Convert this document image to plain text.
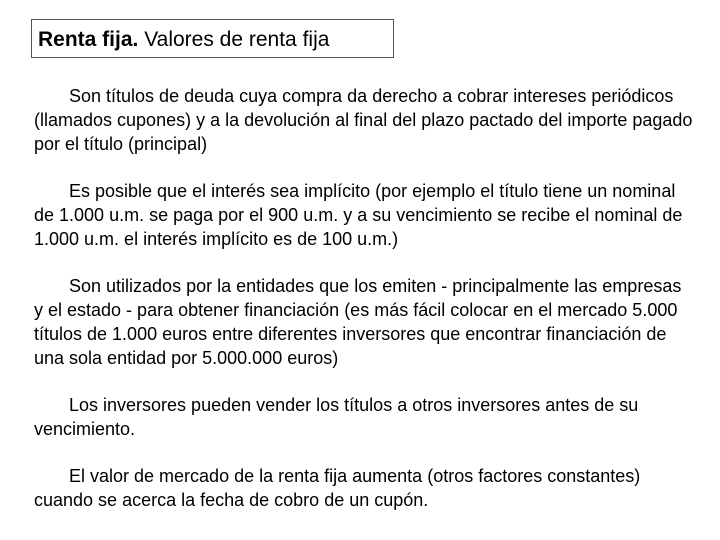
Renta fija. Valores de renta fija

Son títulos de deuda cuya compra da derecho a cobrar intereses periódicos (llamados cupones) y a la devolución al final del plazo pactado del importe pagado por el título (principal)

Es posible que el interés sea implícito (por ejemplo el título tiene un nominal de 1.000 u.m. se paga por el 900 u.m. y a su vencimiento se recibe el nominal de 1.000 u.m. el interés implícito es de 100 u.m.)

Son utilizados por la entidades que los emiten - principalmente las empresas y el estado - para obtener financiación (es más fácil colocar en el mercado 5.000 títulos de 1.000 euros entre diferentes inversores que encontrar financiación de una sola entidad por 5.000.000 euros)

Los inversores pueden vender los títulos a otros inversores antes de su vencimiento.

El valor de mercado de la renta fija aumenta (otros factores constantes) cuando se acerca la fecha de cobro de un cupón.
